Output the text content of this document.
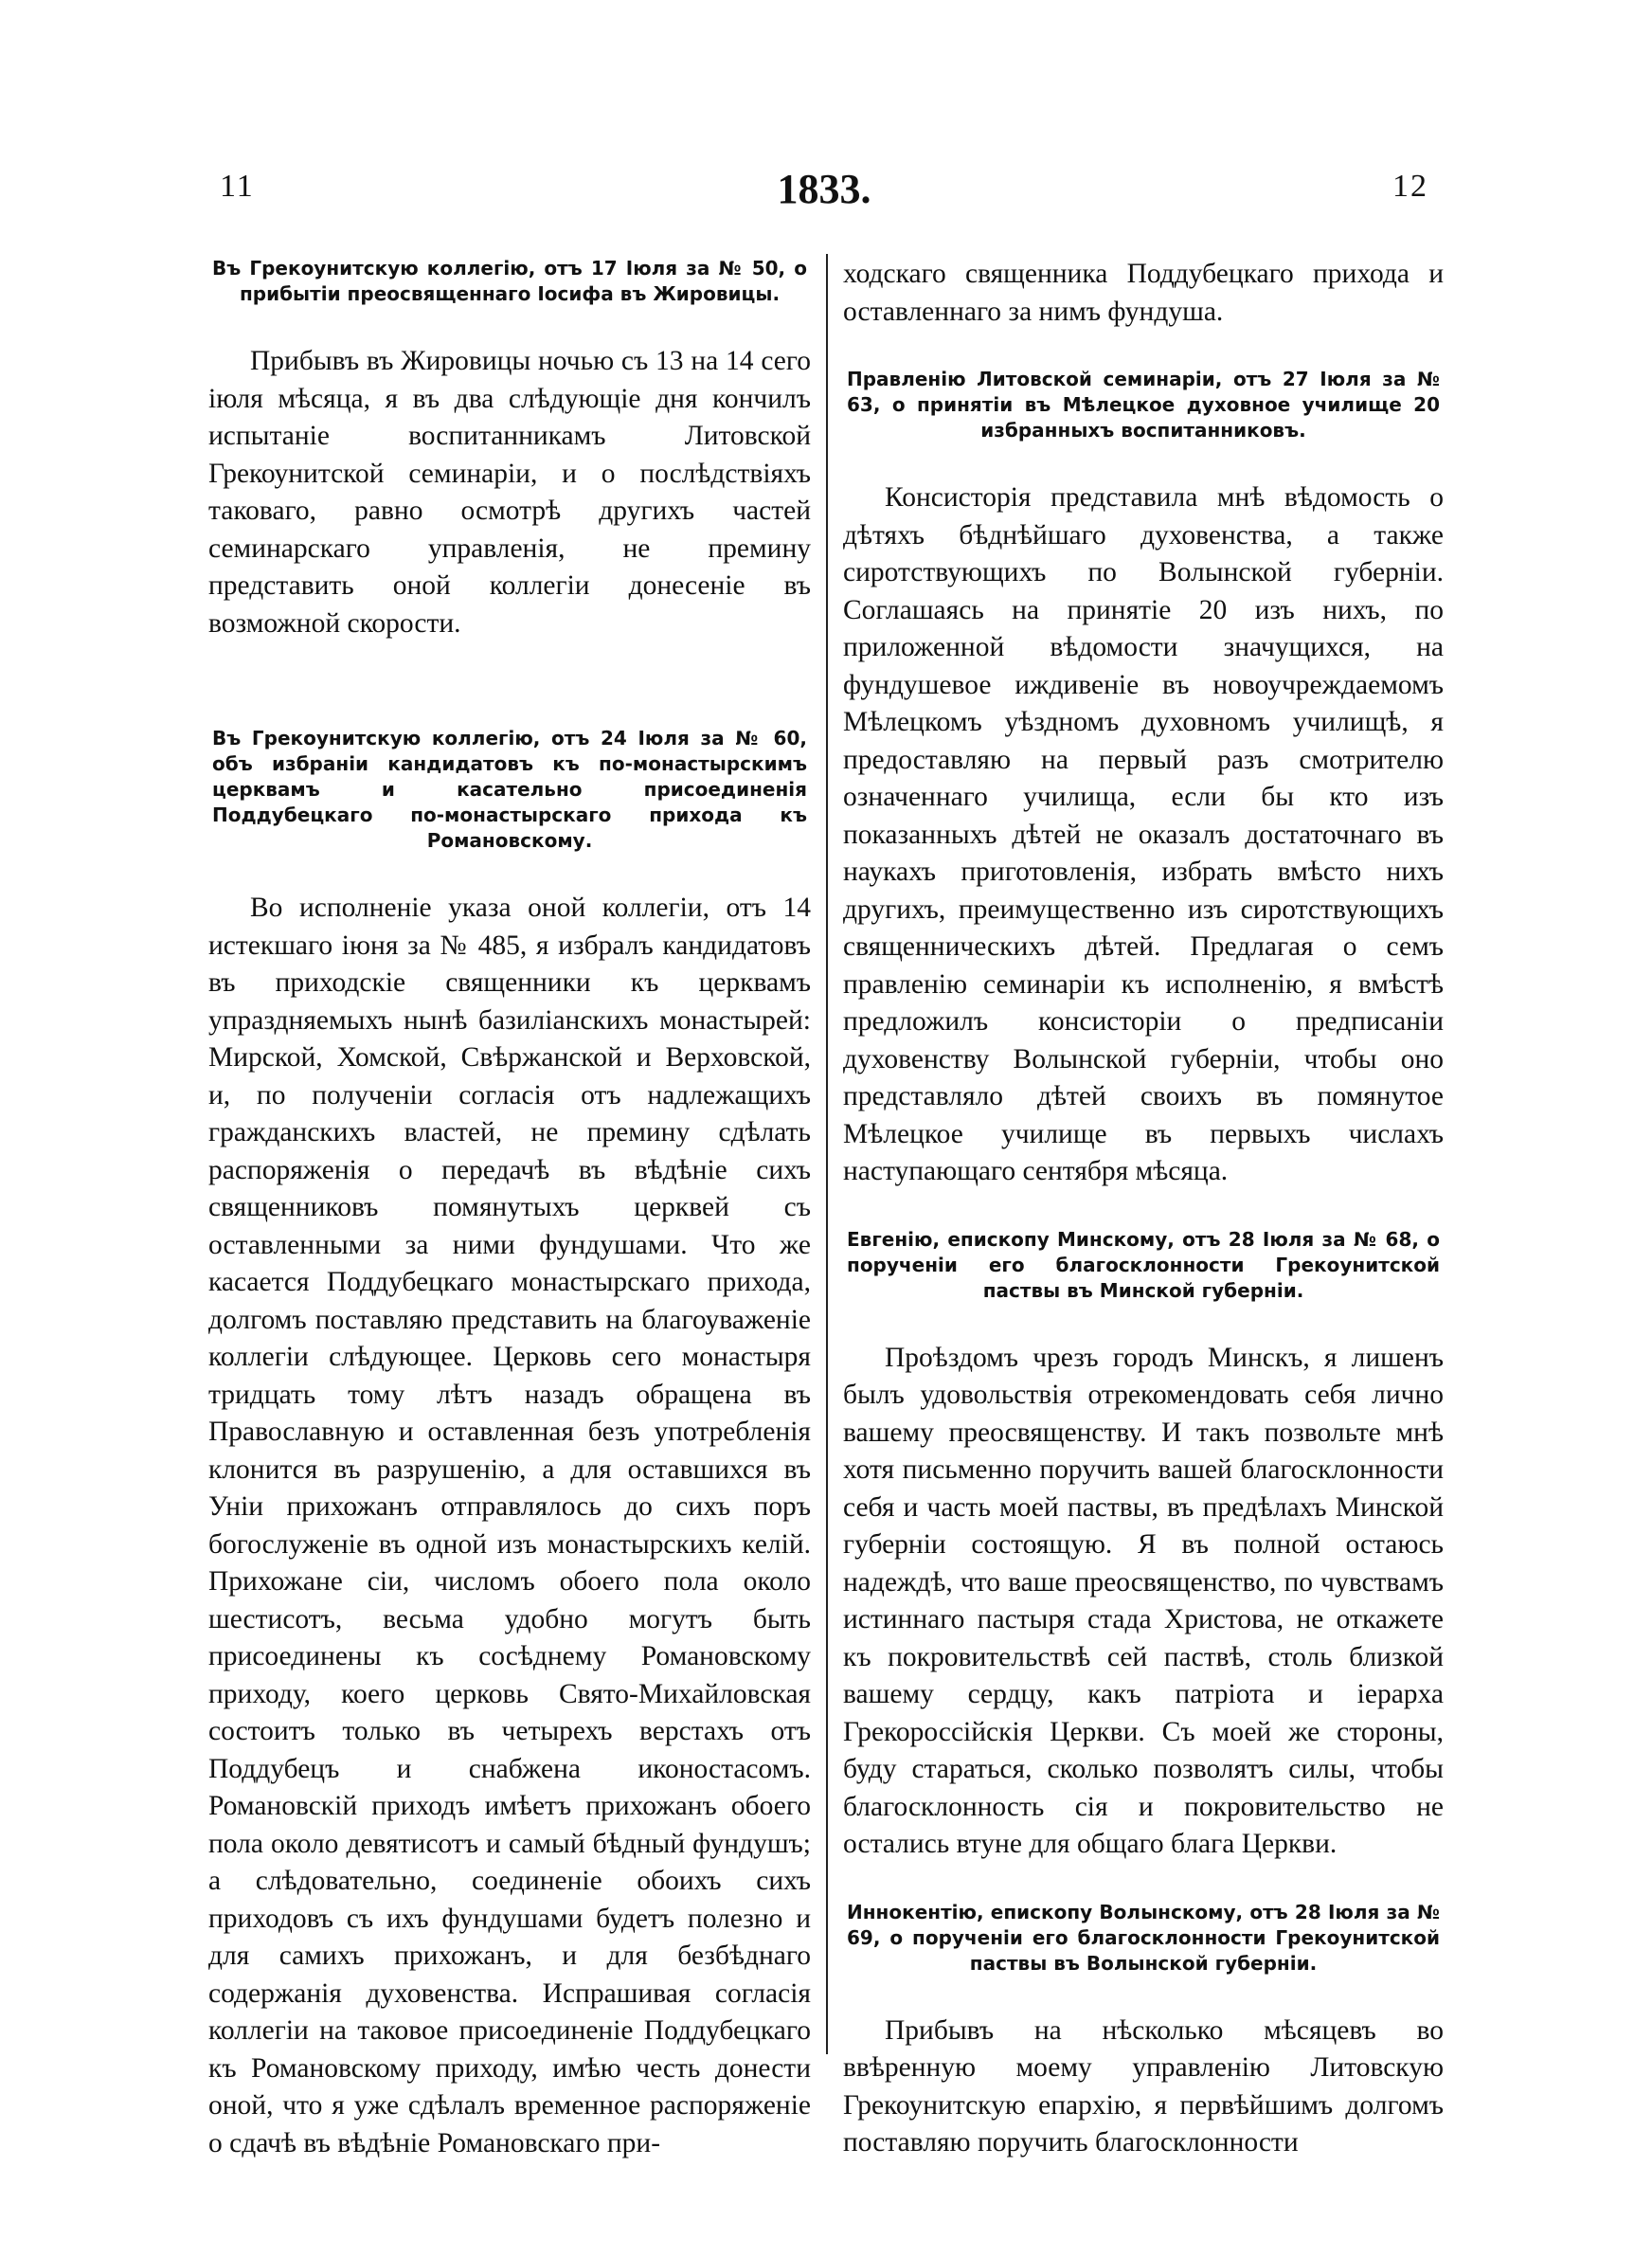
11	1833.	12
Въ Грекоунитскую коллегію, отъ 17 Іюля за № 50, о прибытіи преосвященнаго Іосифа въ Жировицы.
Прибывъ въ Жировицы ночью съ 13 на 14 сего іюля мѣсяца, я въ два слѣдующіе дня кончилъ испытаніе воспитанникамъ Литовской Грекоунитской семинаріи, и о послѣдствіяхъ таковаго, равно осмотрѣ другихъ частей семинарскаго управленія, не премину представить оной коллегіи донесеніе въ возможной скорости.
Въ Грекоунитскую коллегію, отъ 24 Іюля за № 60, объ избраніи кандидатовъ къ по-монастырскимъ церквамъ и касательно присоединенія Поддубецкаго по-монастырскаго прихода къ Романовскому.
Во исполненіе указа оной коллегіи, отъ 14 истекшаго іюня за № 485, я избралъ кандидатовъ въ приходскіе священники къ церквамъ упраздняемыхъ нынѣ базиліанскихъ монастырей: Мирской, Хомской, Свѣржанской и Верховской, и, по полученіи согласія отъ надлежащихъ гражданскихъ властей, не премину сдѣлать распоряженія о передачѣ въ вѣдѣніе сихъ священниковъ помянутыхъ церквей съ оставленными за ними фундушами. Что же касается Поддубецкаго монастырскаго прихода, долгомъ поставляю представить на благоуваженіе коллегіи слѣдующее. Церковь сего монастыря тридцать тому лѣтъ назадъ обращена въ Православную и оставленная безъ употребленія клонится въ разрушенію, а для оставшихся въ Уніи прихожанъ отправлялось до сихъ поръ богослуженіе въ одной изъ монастырскихъ келій. Прихожане сіи, числомъ обоего пола около шестисотъ, весьма удобно могутъ быть присоединены къ сосѣднему Романовскому приходу, коего церковь Свято-Михайловская состоитъ только въ четырехъ верстахъ отъ Поддубецъ и снабжена иконостасомъ. Романовскій приходъ имѣетъ прихожанъ обоего пола около девятисотъ и самый бѣдный фундушъ; а слѣдовательно, соединеніе обоихъ сихъ приходовъ съ ихъ фундушами будетъ полезно и для самихъ прихожанъ, и для безбѣднаго содержанія духовенства. Испрашивая согласія коллегіи на таковое присоединеніе Поддубецкаго къ Романовскому приходу, имѣю честь донести оной, что я уже сдѣлалъ временное распоряженіе о сдачѣ въ вѣдѣніе Романовскаго при-
ходскаго священника Поддубецкаго прихода и оставленнаго за нимъ фундуша.
Правленію Литовской семинаріи, отъ 27 Іюля за № 63, о принятіи въ Мѣлецкое духовное училище 20 избранныхъ воспитанниковъ.
Консисторія представила мнѣ вѣдомость о дѣтяхъ бѣднѣйшаго духовенства, а также сиротствующихъ по Волынской губерніи. Соглашаясь на принятіе 20 изъ нихъ, по приложенной вѣдомости значущихся, на фундушевое иждивеніе въ новоучреждаемомъ Мѣлецкомъ уѣздномъ духовномъ училищѣ, я предоставляю на первый разъ смотрителю означеннаго училища, если бы кто изъ показанныхъ дѣтей не оказалъ достаточнаго въ наукахъ приготовленія, избрать вмѣсто нихъ другихъ, преимущественно изъ сиротствующихъ священническихъ дѣтей. Предлагая о семъ правленію семинаріи къ исполненію, я вмѣстѣ предложилъ консисторіи о предписаніи духовенству Волынской губерніи, чтобы оно представляло дѣтей своихъ въ помянутое Мѣлецкое училище въ первыхъ числахъ наступающаго сентября мѣсяца.
Евгенію, епископу Минскому, отъ 28 Іюля за № 68, о порученіи его благосклонности Грекоунитской паствы въ Минской губерніи.
Проѣздомъ чрезъ городъ Минскъ, я лишенъ былъ удовольствія отрекомендовать себя лично вашему преосвященству. И такъ позвольте мнѣ хотя письменно поручить вашей благосклонности себя и часть моей паствы, въ предѣлахъ Минской губерніи состоящую. Я въ полной остаюсь надеждѣ, что ваше преосвященство, по чувствамъ истиннаго пастыря стада Христова, не откажете къ покровительствѣ сей паствѣ, столь близкой вашему сердцу, какъ патріота и іерарха Грекороссійскія Церкви. Съ моей же стороны, буду стараться, сколько позволятъ силы, чтобы благосклонность сія и покровительство не остались втуне для общаго блага Церкви.
Иннокентію, епископу Волынскому, отъ 28 Іюля за № 69, о порученіи его благосклонности Грекоунитской паствы въ Волынской губерніи.
Прибывъ на нѣсколько мѣсяцевъ во ввѣренную моему управленію Литовскую Грекоунитскую епархію, я первѣйшимъ долгомъ поставляю поручить благосклонности
